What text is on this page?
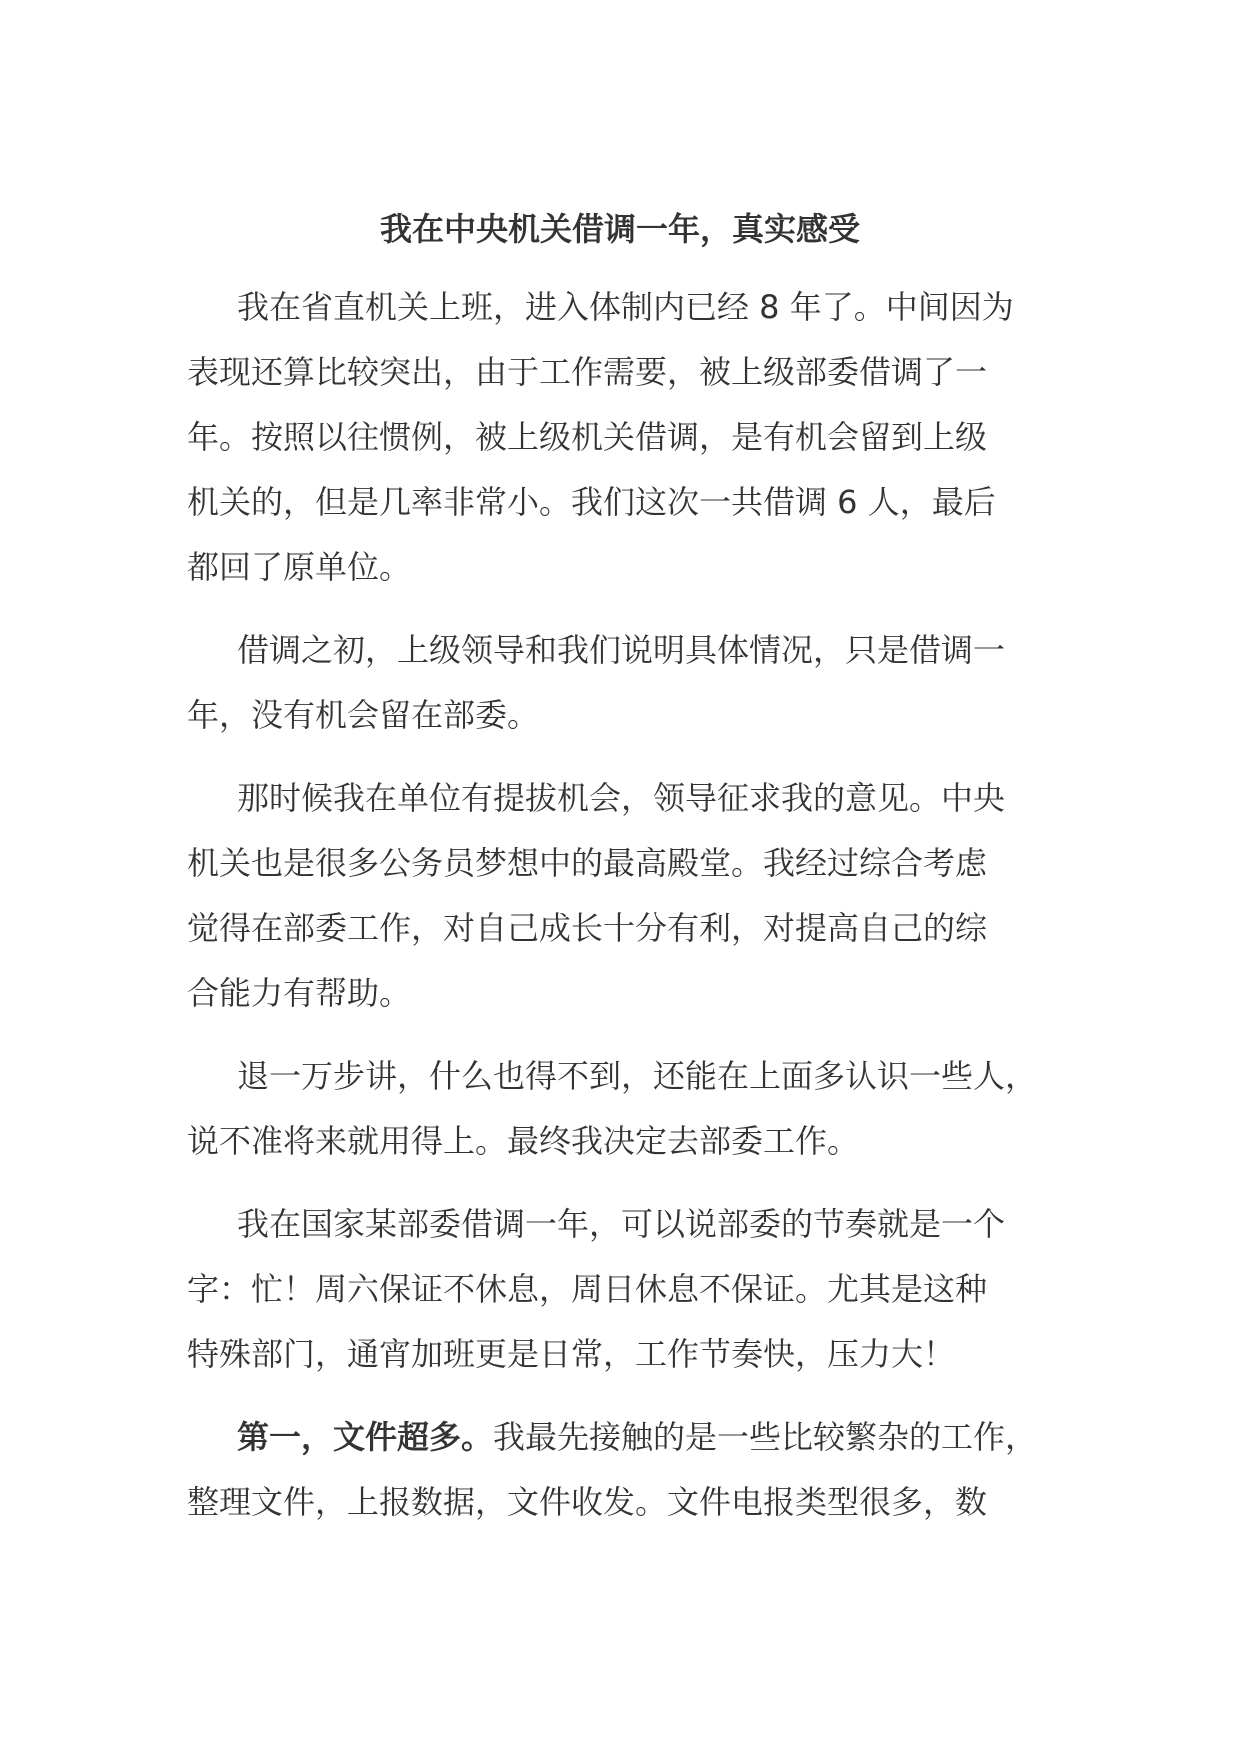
我在中央机关借调一年，真实感受

我在省直机关上班，进入体制内已经 8 年了。中间因为
表现还算比较突出，由于工作需要，被上级部委借调了一
年。按照以往惯例，被上级机关借调，是有机会留到上级
机关的，但是几率非常小。我们这次一共借调 6 人，最后
都回了原单位。

借调之初，上级领导和我们说明具体情况，只是借调一
年，没有机会留在部委。

那时候我在单位有提拔机会，领导征求我的意见。中央
机关也是很多公务员梦想中的最高殿堂。我经过综合考虑
觉得在部委工作，对自己成长十分有利，对提高自己的综
合能力有帮助。

退一万步讲，什么也得不到，还能在上面多认识一些人，
说不准将来就用得上。最终我决定去部委工作。

我在国家某部委借调一年，可以说部委的节奏就是一个
字：忙！周六保证不休息，周日休息不保证。尤其是这种
特殊部门，通宵加班更是日常，工作节奏快，压力大！

第一，文件超多。我最先接触的是一些比较繁杂的工作，
整理文件，上报数据，文件收发。文件电报类型很多，数
